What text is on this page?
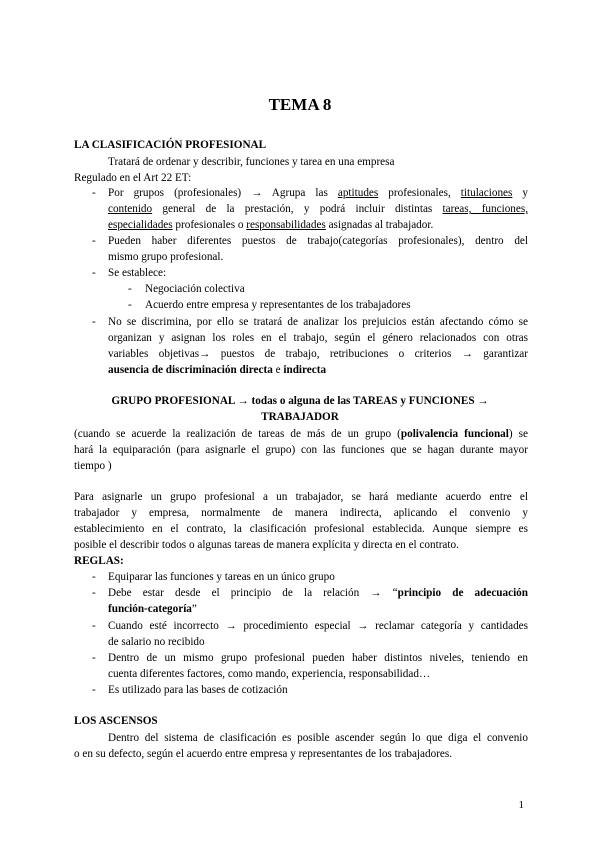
TEMA 8
LA CLASIFICACIÓN PROFESIONAL
Tratará de ordenar y describir, funciones y tarea en una empresa
Regulado en el Art 22 ET:
- Por grupos (profesionales) → Agrupa las aptitudes profesionales, titulaciones y
contenido general de la prestación, y podrá incluir distintas tareas, funciones,
especialidades profesionales o responsabilidades asignadas al trabajador.
- Pueden haber diferentes puestos de trabajo(categorías profesionales), dentro del
mismo grupo profesional.
- Se establece:
- Negociación colectiva
- Acuerdo entre empresa y representantes de los trabajadores
- No se discrimina, por ello se tratará de analizar los prejuicios están afectando cómo se
organizan y asignan los roles en el trabajo, según el género relacionados con otras
variables objetivas→ puestos de trabajo, retribuciones o criterios → garantizar
ausencia de discriminación directa e indirecta
GRUPO PROFESIONAL → todas o alguna de las TAREAS y FUNCIONES →
TRABAJADOR
(cuando se acuerde la realización de tareas de más de un grupo (polivalencia funcional) se
hará la equiparación (para asignarle el grupo) con las funciones que se hagan durante mayor
tiempo )
Para asignarle un grupo profesional a un trabajador, se hará mediante acuerdo entre el
trabajador y empresa, normalmente de manera indirecta, aplicando el convenio y
establecimiento en el contrato, la clasificación profesional establecida. Aunque siempre es
posible el describir todos o algunas tareas de manera explícita y directa en el contrato.
REGLAS:
- Equiparar las funciones y tareas en un único grupo
- Debe estar desde el principio de la relación → “principio de adecuación
función-categoría”
- Cuando esté incorrecto → procedimiento especial → reclamar categoría y cantidades
de salario no recibido
- Dentro de un mismo grupo profesional pueden haber distintos niveles, teniendo en
cuenta diferentes factores, como mando, experiencia, responsabilidad…
- Es utilizado para las bases de cotización
LOS ASCENSOS
Dentro del sistema de clasificación es posible ascender según lo que diga el convenio
o en su defecto, según el acuerdo entre empresa y representantes de los trabajadores.
1
